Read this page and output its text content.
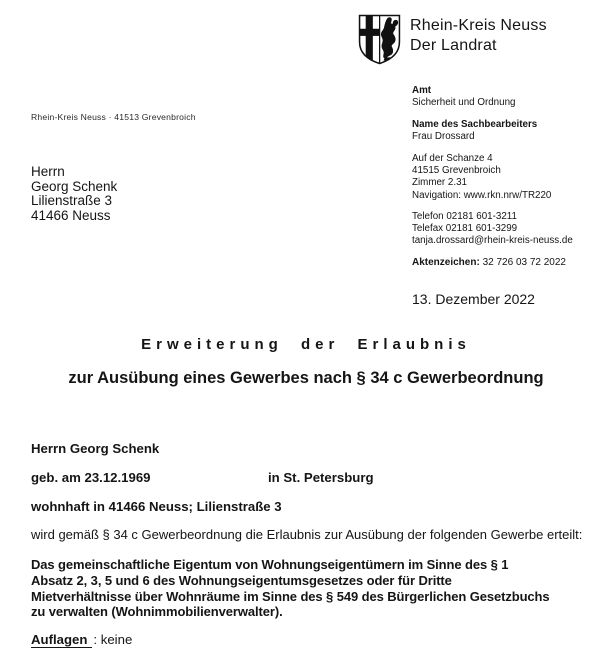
Rhein-Kreis Neuss
Der Landrat
Rhein-Kreis Neuss · 41513 Grevenbroich
Herrn
Georg Schenk
Lilienstraße 3
41466 Neuss
Amt
Sicherheit und Ordnung
Name des Sachbearbeiters
Frau Drossard
Auf der Schanze 4
41515 Grevenbroich
Zimmer 2.31
Navigation: www.rkn.nrw/TR220
Telefon 02181 601-3211
Telefax 02181 601-3299
tanja.drossard@rhein-kreis-neuss.de
Aktenzeichen: 32 726 03 72 2022
13. Dezember 2022
Erweiterung der Erlaubnis
zur Ausübung eines Gewerbes nach § 34 c Gewerbeordnung
Herrn Georg Schenk
geb. am 23.12.1969	in St. Petersburg
wohnhaft in 41466 Neuss; Lilienstraße 3
wird gemäß § 34 c Gewerbeordnung die Erlaubnis zur Ausübung der folgenden Gewerbe erteilt:
Das gemeinschaftliche Eigentum von Wohnungseigentümern im Sinne des § 1
Absatz 2, 3, 5 und 6 des Wohnungseigentumsgesetzes oder für Dritte
Mietverhältnisse über Wohnräume im Sinne des § 549 des Bürgerlichen Gesetzbuchs
zu verwalten (Wohnimmobilienverwalter).
Auflagen : keine
